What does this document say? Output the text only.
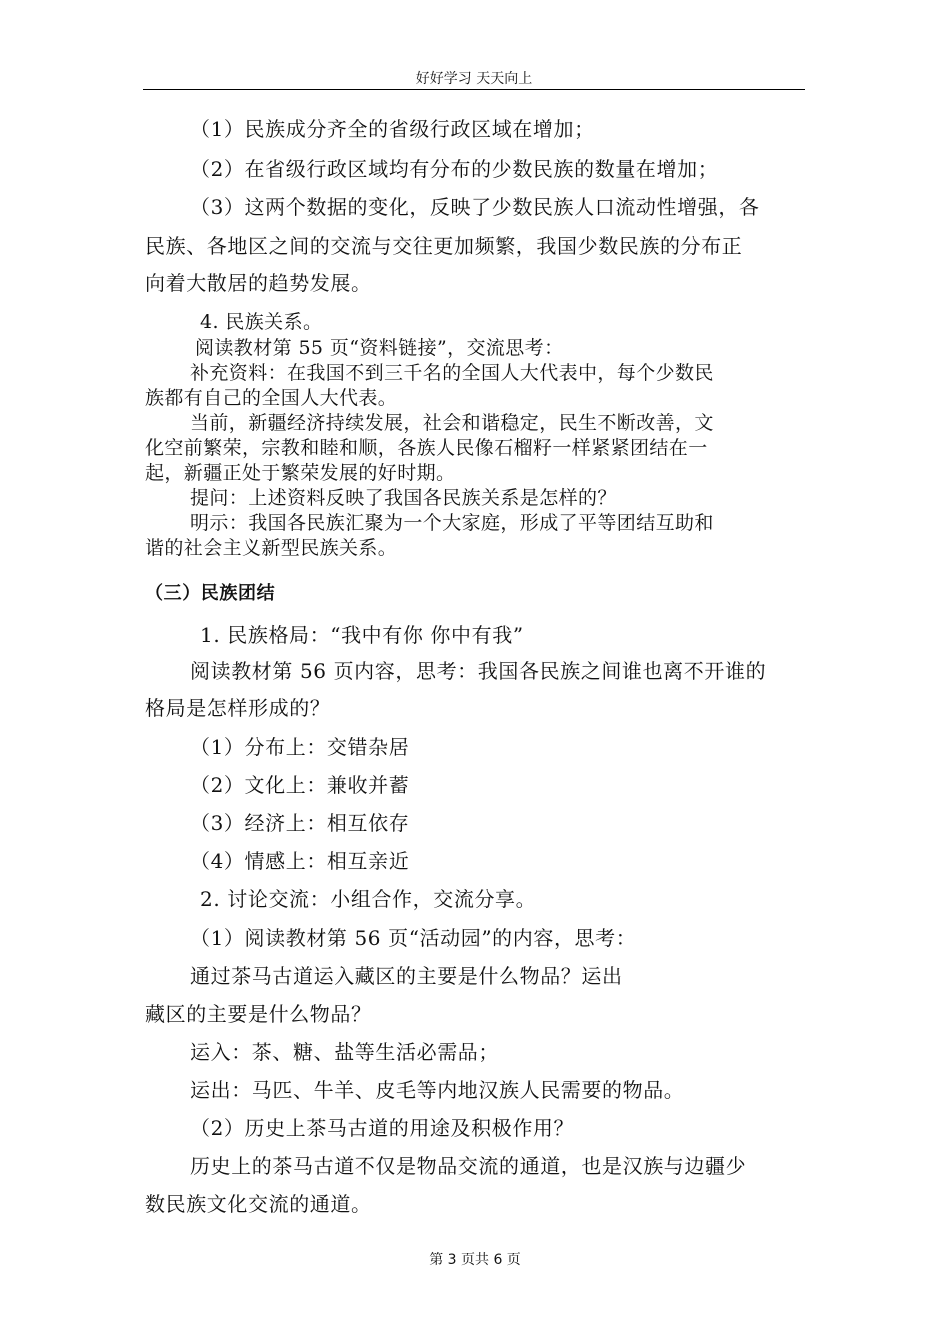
好好学习 天天向上
（1）民族成分齐全的省级行政区域在增加；
（2）在省级行政区域均有分布的少数民族的数量在增加；
（3）这两个数据的变化，反映了少数民族人口流动性增强，各
民族、各地区之间的交流与交往更加频繁，我国少数民族的分布正
向着大散居的趋势发展。
4. 民族关系。
阅读教材第 55 页“资料链接”，交流思考：
补充资料：在我国不到三千名的全国人大代表中，每个少数民
族都有自己的全国人大代表。
当前，新疆经济持续发展，社会和谐稳定，民生不断改善，文
化空前繁荣，宗教和睦和顺，各族人民像石榴籽一样紧紧团结在一
起，新疆正处于繁荣发展的好时期。
提问：上述资料反映了我国各民族关系是怎样的？
明示：我国各民族汇聚为一个大家庭，形成了平等团结互助和
谐的社会主义新型民族关系。
（三）民族团结
1. 民族格局：“我中有你 你中有我”
阅读教材第 56 页内容，思考：我国各民族之间谁也离不开谁的
格局是怎样形成的？
（1）分布上：交错杂居
（2）文化上：兼收并蓄
（3）经济上：相互依存
（4）情感上：相互亲近
2. 讨论交流：小组合作，交流分享。
（1）阅读教材第 56 页“活动园”的内容，思考：
通过茶马古道运入藏区的主要是什么物品？运出
藏区的主要是什么物品？
运入：茶、糖、盐等生活必需品；
运出：马匹、牛羊、皮毛等内地汉族人民需要的物品。
（2）历史上茶马古道的用途及积极作用？
历史上的茶马古道不仅是物品交流的通道，也是汉族与边疆少
数民族文化交流的通道。
第 3 页共 6 页
